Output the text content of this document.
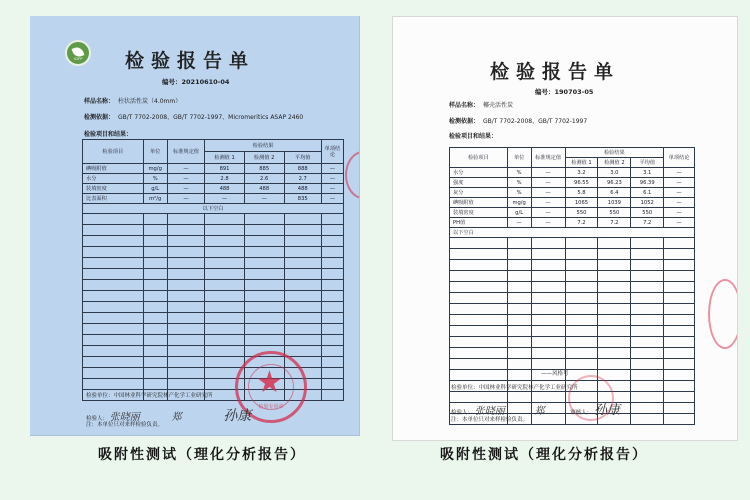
ICIFP	检验报告单
编号：20210610-04
样品名称： 柱状活性炭（4.0mm）
检测依据： GB/T 7702-2008、GB/T 7702-1997、Micromeritics ASAP 2460
检验项目和结果：
检验项目	单位	标准规定值	检验结果			单项结论
			检测值 1	检测值 2	平均值	
碘吸附值	mg/g	—	891	885	888	—
水分	%	—	2.8	2.6	2.7	—
装填密度	g/L	—	488	488	488	—
比表面积	m²/g	—	—	—	835	—
以下空白						

★
检验专用章
检验单位：中国林业科学研究院林产化学工业研究所
检验人： 张晓丽	郑	孙康
注：本单位只对来样检验负责。
检验报告单
编号：190703-05
样品名称： 椰壳活性炭
检测依据： GB/T 7702-2008、GB/T 7702-1997
检验项目和结果：
检验项目	单位	标准规定值	检验结果			单项结论
			检测值 1	检测值 2	平均值	
水分	%	—	3.2	3.0	3.1	—
强度	%	—	96.55	96.23	96.39	—
灰分	%	—	5.8	6.4	6.1	—
碘吸附值	mg/g	—	1065	1039	1052	—
装填密度	g/L	—	550	550	550	—
PH值	—	—	7.2	7.2	7.2	—
以下空白						

——风格号
检验单位：中国林业科学研究院林产化学工业研究所
检验人： 张晓丽	郑	审核人： 孙康
注：本单位只对来样检验负责。
吸附性测试（理化分析报告）	吸附性测试（理化分析报告）
